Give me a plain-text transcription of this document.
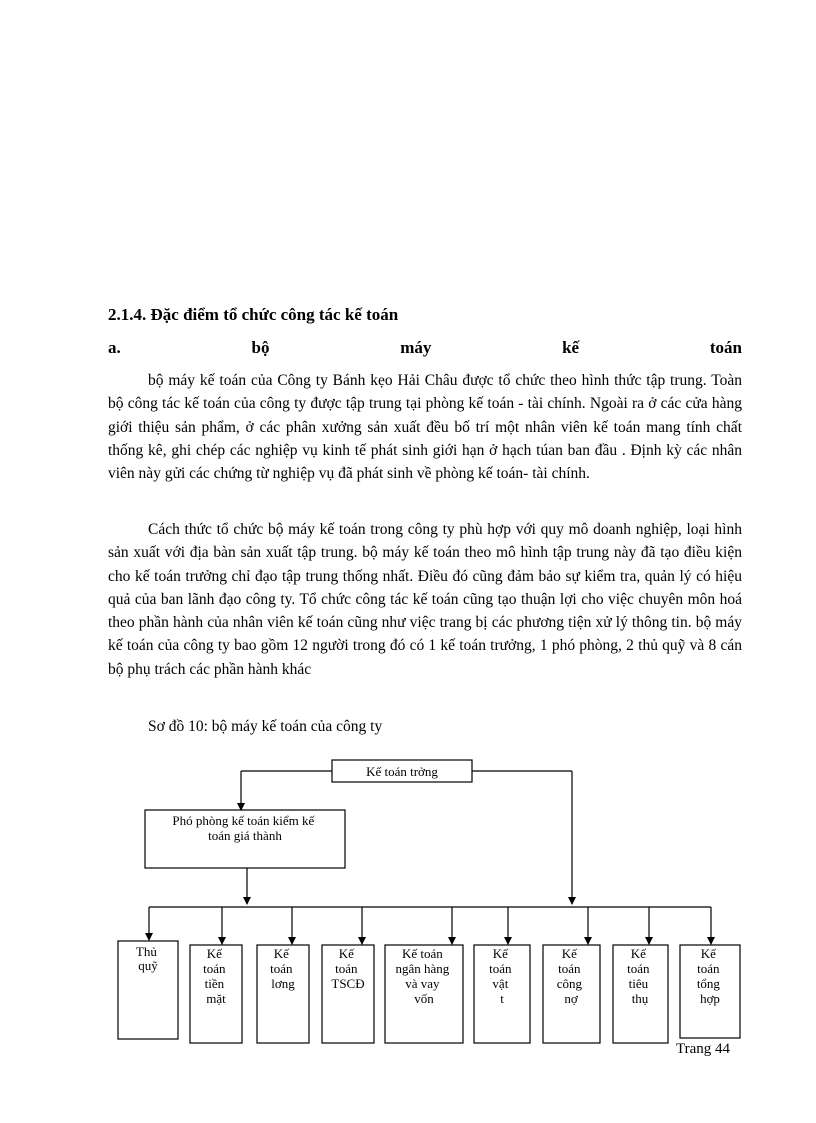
2.1.4. Đặc điểm tổ chức công tác kế toán
a.	bộ	máy	kế	toán

bộ máy kế toán của Công ty Bánh kẹo Hải Châu được tổ chức theo hình thức tập trung. Toàn bộ công tác kế toán của công ty được tập trung tại phòng kế toán - tài chính. Ngoài ra ở các cửa hàng giới thiệu sản phẩm, ở các phân xưởng sản xuất đều bố trí một nhân viên kế toán mang tính chất thống kê, ghi chép các nghiệp vụ kinh tế phát sinh giới hạn ở hạch túan ban đầu . Định kỳ các nhân viên này gửi các chứng từ nghiệp vụ đã phát sinh về phòng kế toán- tài chính.

Cách thức tổ chức bộ máy kế toán trong công ty phù hợp với quy mô doanh nghiệp, loại hình sản xuất với địa bàn sản xuất tập trung. bộ máy kế toán theo mô hình tập trung này đã tạo điều kiện cho kế toán trưởng chỉ đạo tập trung thống nhất. Điều đó cũng đảm bảo sự kiểm tra, quản lý có hiệu quả của ban lãnh đạo công ty. Tổ chức công tác kế toán cũng tạo thuận lợi cho việc chuyên môn hoá theo phần hành của nhân viên kế toán cũng như việc trang bị các phương tiện xử lý thông tin. bộ máy kế toán của công ty bao gồm 12 người trong đó có 1 kế toán trưởng, 1 phó phòng, 2 thủ quỹ và 8 cán bộ phụ trách các phần hành khác

Sơ đồ 10: bộ máy kế toán của công ty

Kế toán trởng
Phó phòng kế toán kiểm kế toán giá thành
Thủ quỹ
Kế toán tiền mặt
Kế toán lơng
Kế toán TSCĐ
Kế toán ngân hàng và vay vốn
Kế toán vật t
Kế toán công nợ
Kế toán tiêu thụ
Kế toán tổng hợp

Trang 44
